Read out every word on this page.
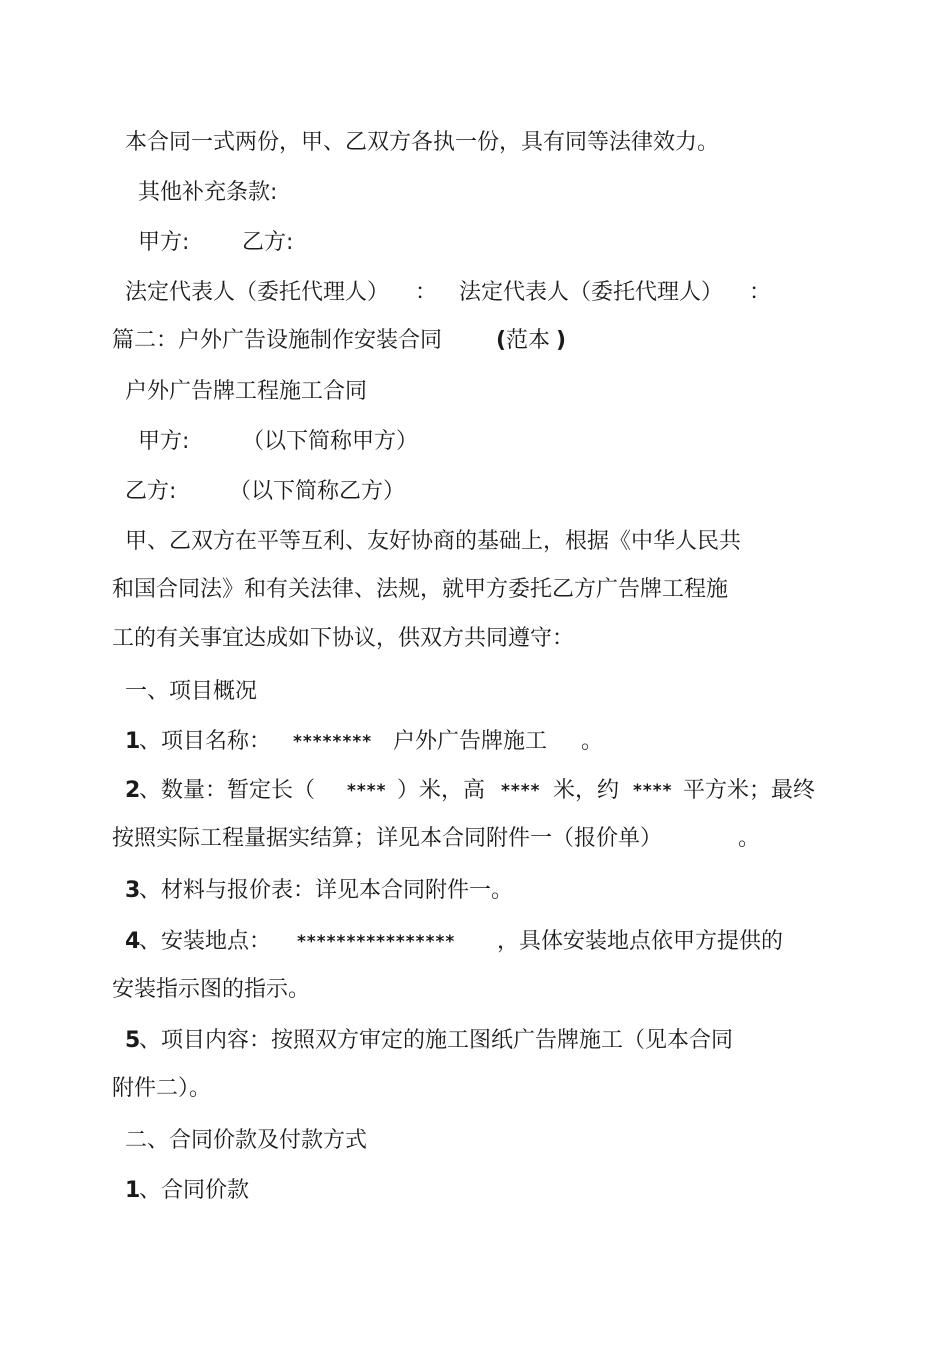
本合同一式两份，甲、乙双方各执一份，具有同等法律效力。
其他补充条款:

甲方:

乙方:

法定代表人（委托代理人）

：

法定代表人（委托代理人）

：

篇二：户外广告设施制作安装合同

(

范本

)

户外广告牌工程施工合同

甲方:

（以下简称甲方）

乙方:

（以下简称乙方）

甲、乙双方在平等互利、友好协商的基础上，根据《中华人民共
和国合同法》和有关法律、法规，就甲方委托乙方广告牌工程施
工的有关事宜达成如下协议，供双方共同遵守：
一、项目概况

1

、项目名称：

********

户外广告牌施工

。

2

、数量：暂定长（

****

）米，高

****

米，约

****

平方米；最终

按照实际工程量据实结算；详见本合同附件一（报价单）

	。

3

、材料与报价表：详见本合同附件一。

4

、安装地点：

****************

，具体安装地点依甲方提供的

安装指示图的指示。

5

、项目内容：按照双方审定的施工图纸广告牌施工（见本合同

附件二）。
二、合同价款及付款方式

1

、合同价款
